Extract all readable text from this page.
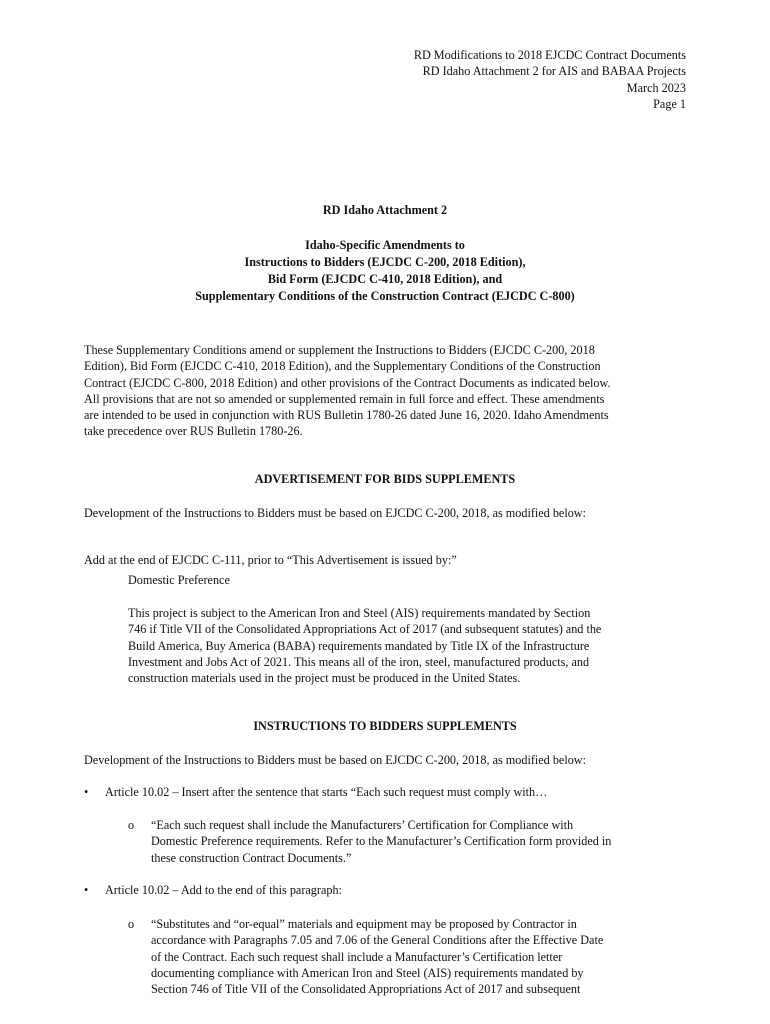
RD Modifications to 2018 EJCDC Contract Documents
RD Idaho Attachment 2 for AIS and BABAA Projects
March 2023
Page 1
RD Idaho Attachment 2
Idaho-Specific Amendments to
Instructions to Bidders (EJCDC C-200, 2018 Edition),
Bid Form (EJCDC C-410, 2018 Edition), and
Supplementary Conditions of the Construction Contract (EJCDC C-800)
These Supplementary Conditions amend or supplement the Instructions to Bidders (EJCDC C-200, 2018
Edition), Bid Form (EJCDC C-410, 2018 Edition), and the Supplementary Conditions of the Construction
Contract (EJCDC C-800, 2018 Edition) and other provisions of the Contract Documents as indicated below.
All provisions that are not so amended or supplemented remain in full force and effect. These amendments
are intended to be used in conjunction with RUS Bulletin 1780-26 dated June 16, 2020. Idaho Amendments
take precedence over RUS Bulletin 1780-26.
ADVERTISEMENT FOR BIDS SUPPLEMENTS
Development of the Instructions to Bidders must be based on EJCDC C-200, 2018, as modified below:
Add at the end of EJCDC C-111, prior to “This Advertisement is issued by:”
Domestic Preference
This project is subject to the American Iron and Steel (AIS) requirements mandated by Section
746 if Title VII of the Consolidated Appropriations Act of 2017 (and subsequent statutes) and the
Build America, Buy America (BABA) requirements mandated by Title IX of the Infrastructure
Investment and Jobs Act of 2021. This means all of the iron, steel, manufactured products, and
construction materials used in the project must be produced in the United States.
INSTRUCTIONS TO BIDDERS SUPPLEMENTS
Development of the Instructions to Bidders must be based on EJCDC C-200, 2018, as modified below:
•	Article 10.02 – Insert after the sentence that starts “Each such request must comply with…
o “Each such request shall include the Manufacturers’ Certification for Compliance with
Domestic Preference requirements. Refer to the Manufacturer’s Certification form provided in
these construction Contract Documents.”
•	Article 10.02 – Add to the end of this paragraph:
o “Substitutes and “or-equal” materials and equipment may be proposed by Contractor in
accordance with Paragraphs 7.05 and 7.06 of the General Conditions after the Effective Date
of the Contract. Each such request shall include a Manufacturer’s Certification letter
documenting compliance with American Iron and Steel (AIS) requirements mandated by
Section 746 of Title VII of the Consolidated Appropriations Act of 2017 and subsequent
